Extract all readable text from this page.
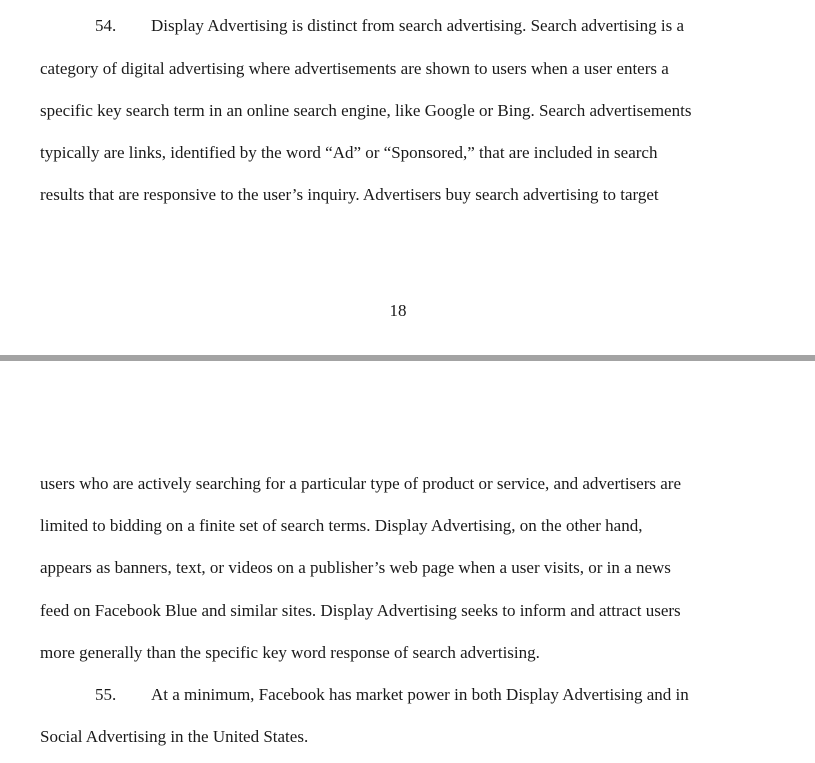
54. Display Advertising is distinct from search advertising. Search advertising is a
category of digital advertising where advertisements are shown to users when a user enters a
specific key search term in an online search engine, like Google or Bing. Search advertisements
typically are links, identified by the word “Ad” or “Sponsored,” that are included in search
results that are responsive to the user’s inquiry. Advertisers buy search advertising to target
18
users who are actively searching for a particular type of product or service, and advertisers are
limited to bidding on a finite set of search terms. Display Advertising, on the other hand,
appears as banners, text, or videos on a publisher’s web page when a user visits, or in a news
feed on Facebook Blue and similar sites. Display Advertising seeks to inform and attract users
more generally than the specific key word response of search advertising.
55. At a minimum, Facebook has market power in both Display Advertising and in
Social Advertising in the United States.
